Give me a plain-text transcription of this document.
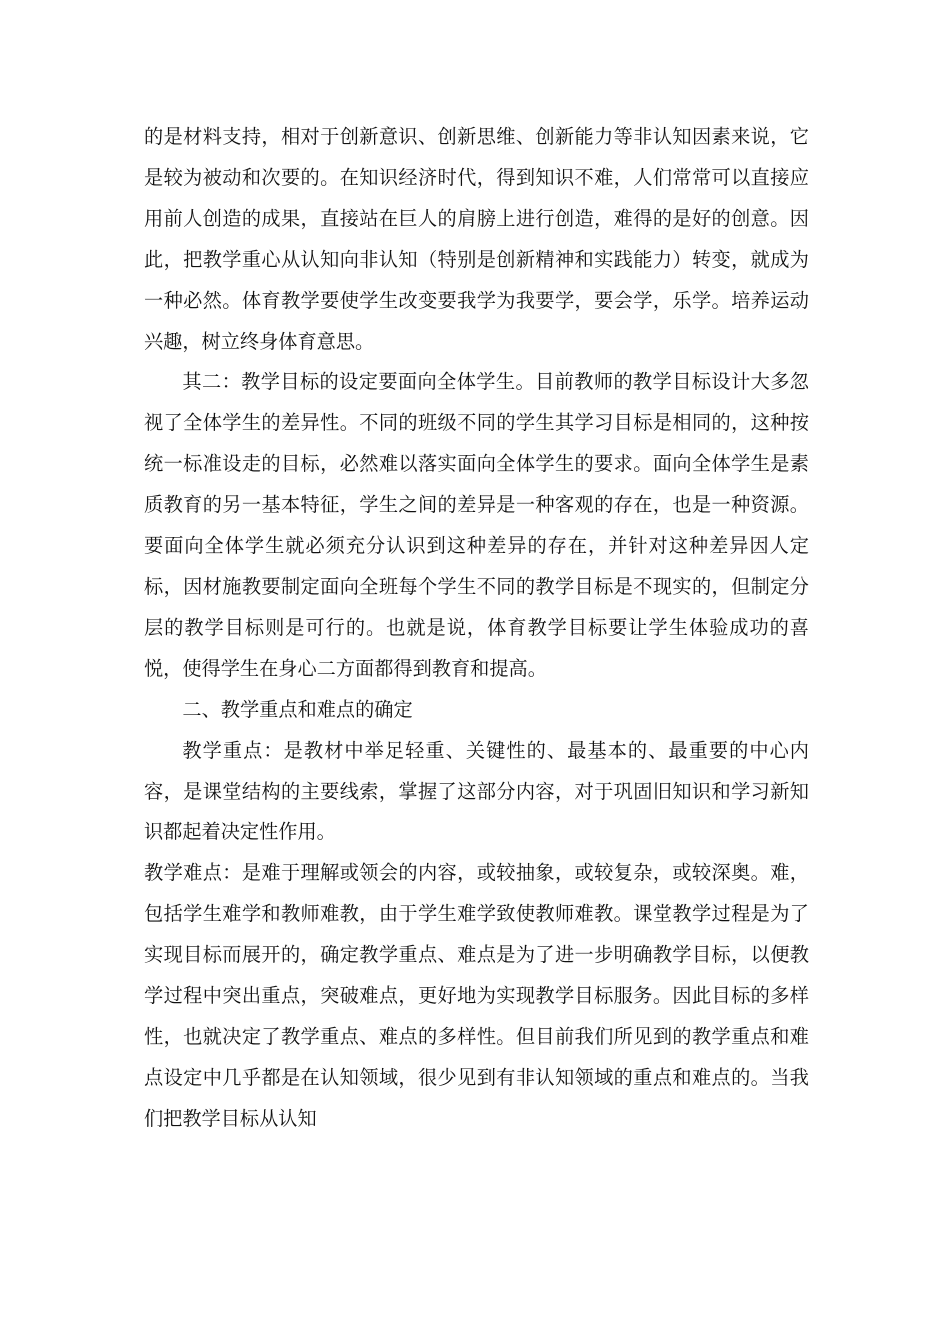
的是材料支持，相对于创新意识、创新思维、创新能力等非认知因素来说，它是较为被动和次要的。在知识经济时代，得到知识不难，人们常常可以直接应用前人创造的成果，直接站在巨人的肩膀上进行创造，难得的是好的创意。因此，把教学重心从认知向非认知（特别是创新精神和实践能力）转变，就成为一种必然。体育教学要使学生改变要我学为我要学，要会学，乐学。培养运动兴趣，树立终身体育意思。

其二：教学目标的设定要面向全体学生。目前教师的教学目标设计大多忽视了全体学生的差异性。不同的班级不同的学生其学习目标是相同的，这种按统一标准设走的目标，必然难以落实面向全体学生的要求。面向全体学生是素质教育的另一基本特征，学生之间的差异是一种客观的存在，也是一种资源。要面向全体学生就必须充分认识到这种差异的存在，并针对这种差异因人定标，因材施教要制定面向全班每个学生不同的教学目标是不现实的，但制定分层的教学目标则是可行的。也就是说，体育教学目标要让学生体验成功的喜悦，使得学生在身心二方面都得到教育和提高。

二、教学重点和难点的确定

教学重点：是教材中举足轻重、关键性的、最基本的、最重要的中心内容，是课堂结构的主要线索，掌握了这部分内容，对于巩固旧知识和学习新知识都起着决定性作用。

教学难点：是难于理解或领会的内容，或较抽象，或较复杂，或较深奥。难，包括学生难学和教师难教，由于学生难学致使教师难教。课堂教学过程是为了实现目标而展开的，确定教学重点、难点是为了进一步明确教学目标，以便教学过程中突出重点，突破难点，更好地为实现教学目标服务。因此目标的多样性，也就决定了教学重点、难点的多样性。但目前我们所见到的教学重点和难点设定中几乎都是在认知领域，很少见到有非认知领域的重点和难点的。当我们把教学目标从认知
